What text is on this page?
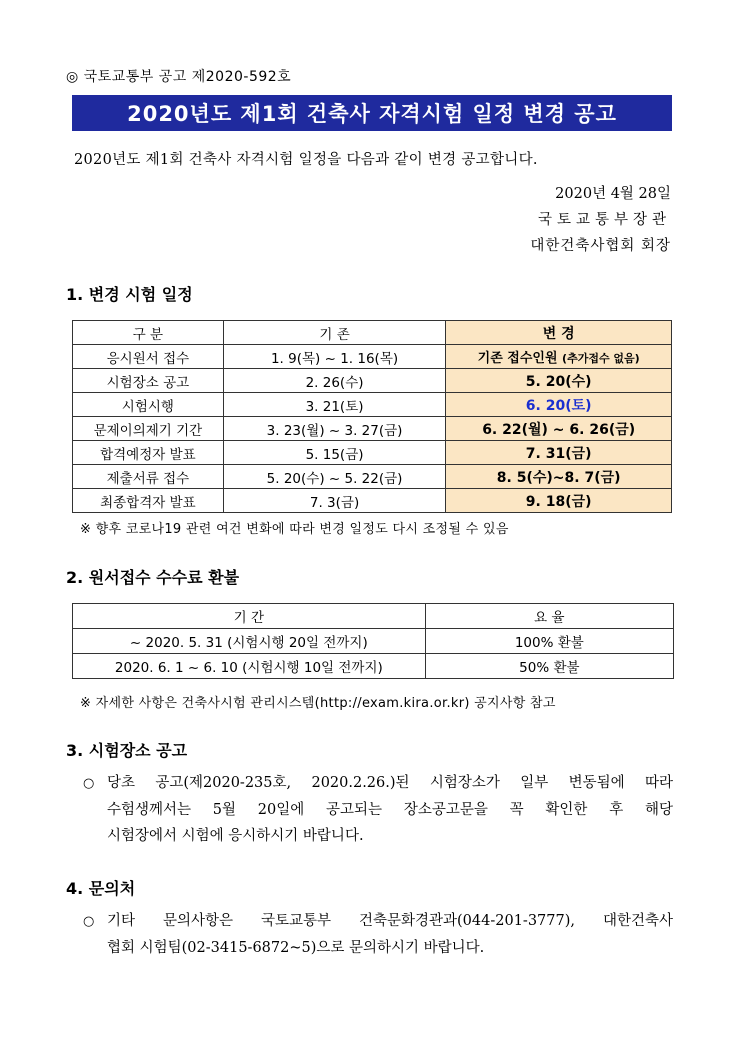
◎ 국토교통부 공고 제2020-592호
2020년도 제1회 건축사 자격시험 일정 변경 공고
2020년도 제1회 건축사 자격시험 일정을 다음과 같이 변경 공고합니다.
2020년 4월 28일
국토교통부장관
대한건축사협회 회장
1. 변경 시험 일정
구 분	기 존	변 경
응시원서 접수	1. 9(목) ~ 1. 16(목)	기존 접수인원 (추가접수 없음)
시험장소 공고	2. 26(수)	5. 20(수)
시험시행	3. 21(토)	6. 20(토)
문제이의제기 기간	3. 23(월) ~ 3. 27(금)	6. 22(월) ~ 6. 26(금)
합격예정자 발표	5. 15(금)	7. 31(금)
제출서류 접수	5. 20(수) ~ 5. 22(금)	8. 5(수)~8. 7(금)
최종합격자 발표	7. 3(금)	9. 18(금)
※ 향후 코로나19 관련 여건 변화에 따라 변경 일정도 다시 조정될 수 있음
2. 원서접수 수수료 환불
기 간	요 율
~ 2020. 5. 31 (시험시행 20일 전까지)	100% 환불
2020. 6. 1 ~ 6. 10 (시험시행 10일 전까지)	50% 환불
※ 자세한 사항은 건축사시험 관리시스템(http://exam.kira.or.kr) 공지사항 참고
3. 시험장소 공고
○ 당초 공고(제2020-235호, 2020.2.26.)된 시험장소가 일부 변동됨에 따라
수험생께서는 5월 20일에 공고되는 장소공고문을 꼭 확인한 후 해당
시험장에서 시험에 응시하시기 바랍니다.
4. 문의처
○ 기타 문의사항은 국토교통부 건축문화경관과(044-201-3777), 대한건축사
협회 시험팀(02-3415-6872~5)으로 문의하시기 바랍니다.
